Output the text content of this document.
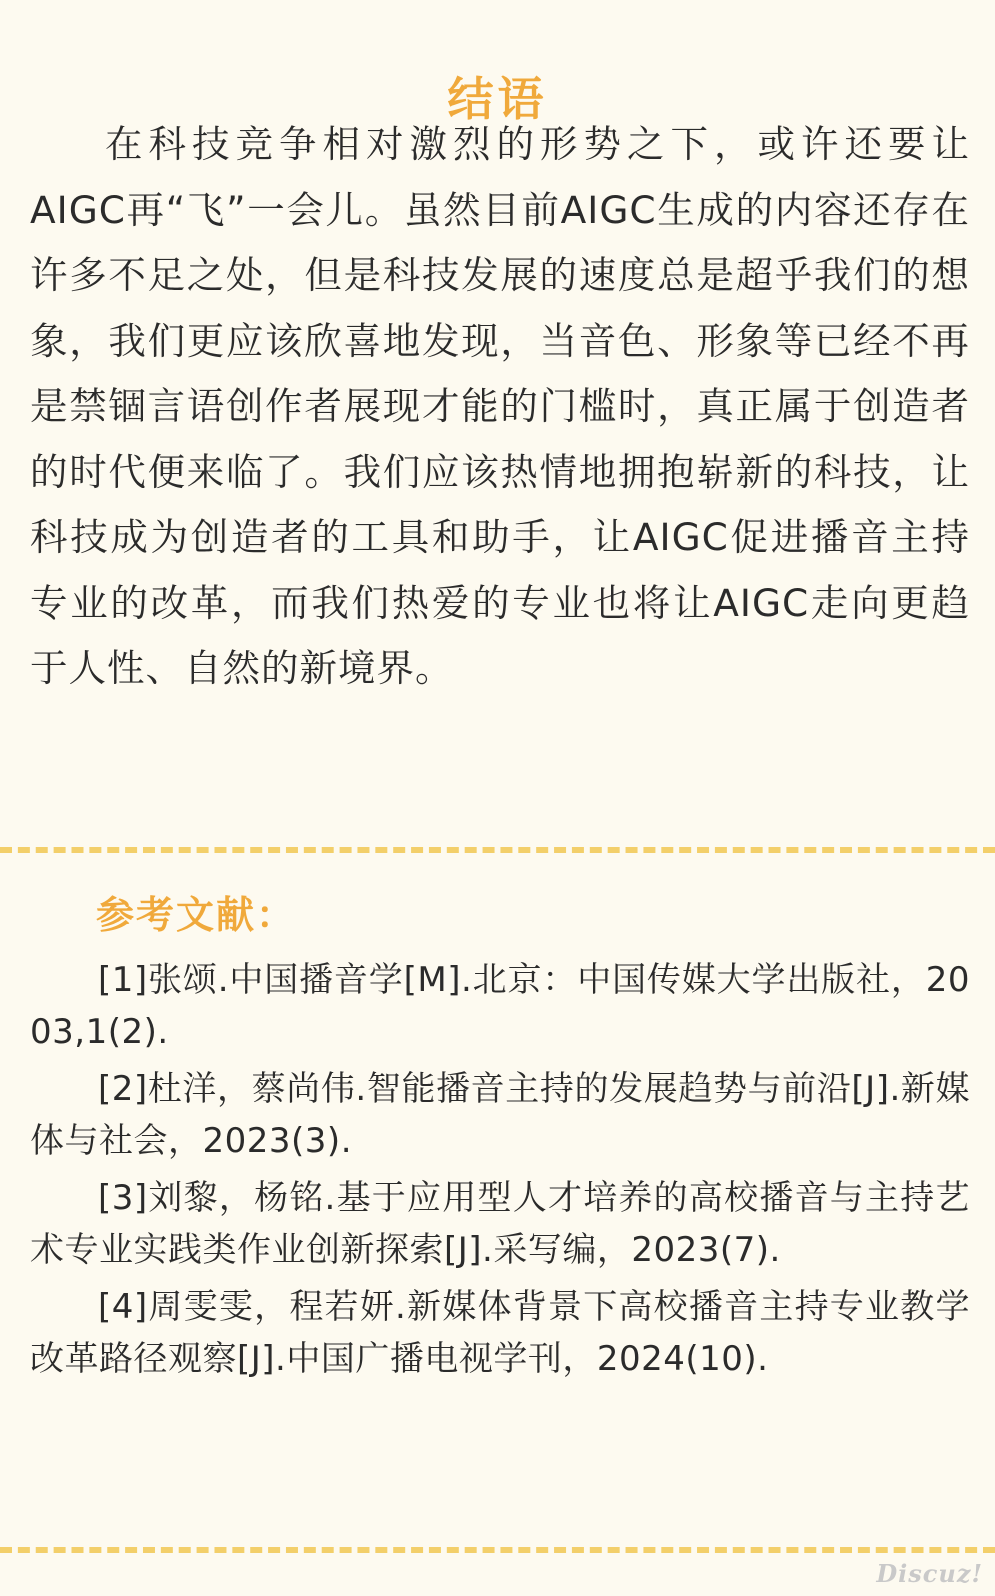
结语

在科技竞争相对激烈的形势之下，或许还要让AIGC再“飞”一会儿。虽然目前AIGC生成的内容还存在许多不足之处，但是科技发展的速度总是超乎我们的想象，我们更应该欣喜地发现，当音色、形象等已经不再是禁锢言语创作者展现才能的门槛时，真正属于创造者的时代便来临了。我们应该热情地拥抱崭新的科技，让科技成为创造者的工具和助手，让AIGC促进播音主持专业的改革，而我们热爱的专业也将让AIGC走向更趋于人性、自然的新境界。

参考文献：
[1]张颂.中国播音学[M].北京：中国传媒大学出版社，2003,1(2).
[2]杜洋，蔡尚伟.智能播音主持的发展趋势与前沿[J].新媒体与社会，2023(3).
[3]刘黎，杨铭.基于应用型人才培养的高校播音与主持艺术专业实践类作业创新探索[J].采写编，2023(7).
[4]周雯雯，程若妍.新媒体背景下高校播音主持专业教学改革路径观察[J].中国广播电视学刊，2024(10).
Discuz!
